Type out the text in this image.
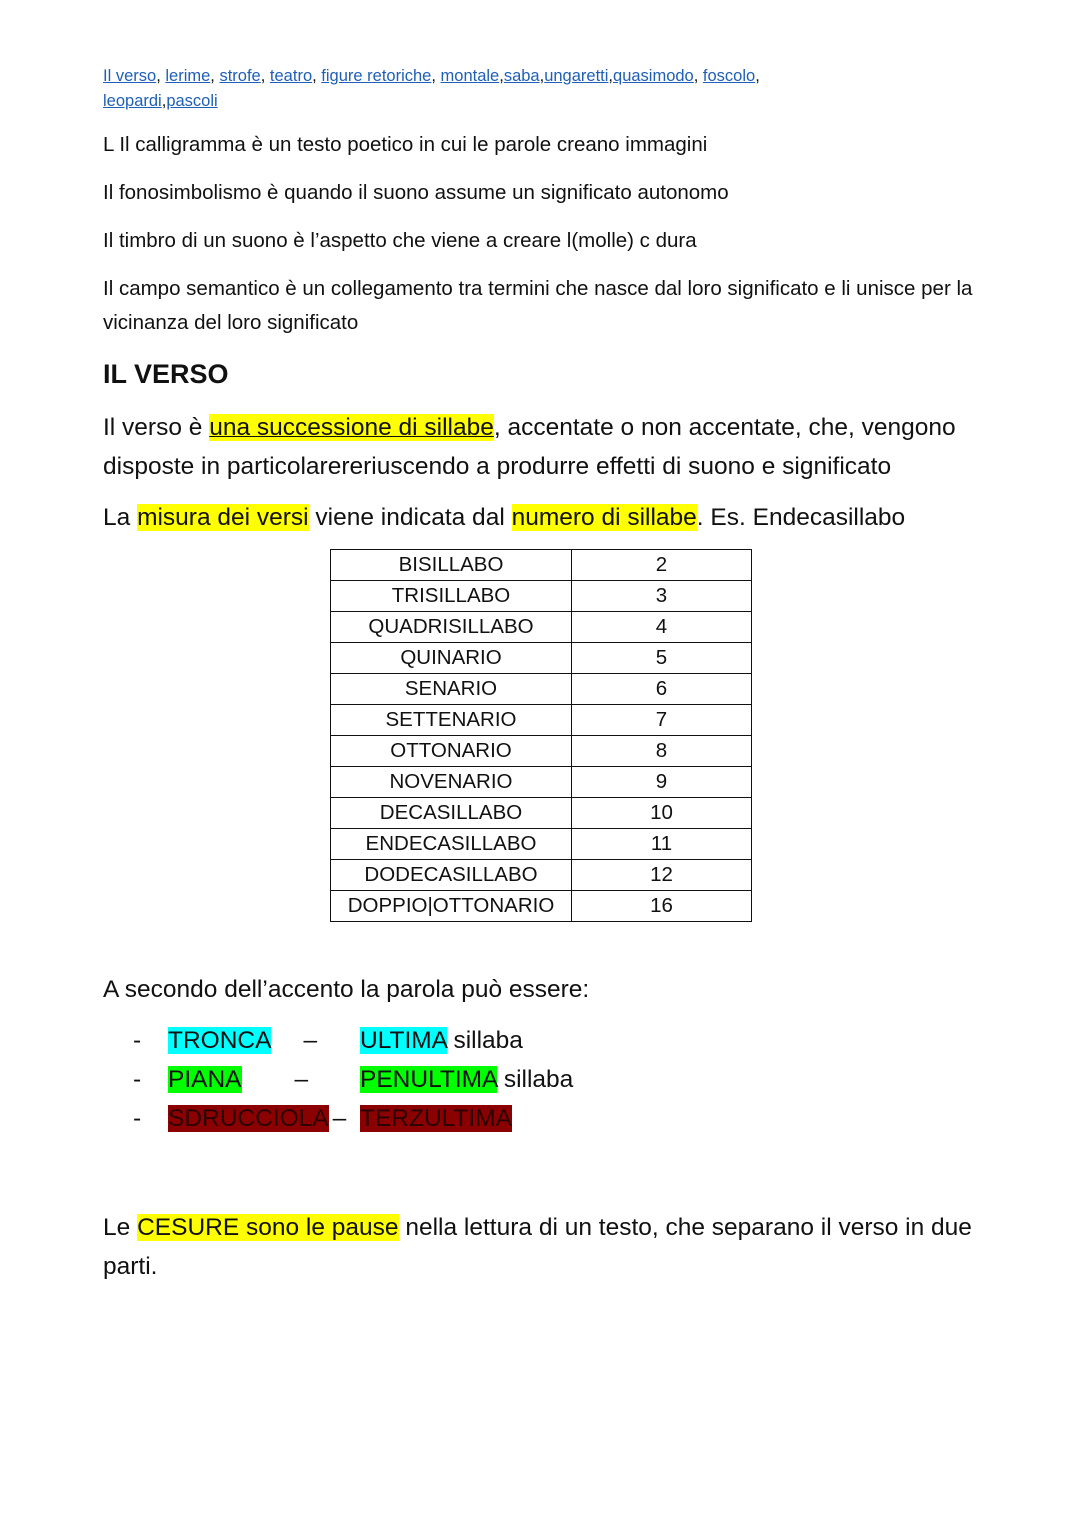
Il verso, lerime, strofe, teatro, figure retoriche, montale,saba,ungaretti,quasimodo, foscolo,
leopardi,pascoli

L Il calligramma è un testo poetico in cui le parole creano immagini

Il fonosimbolismo è quando il suono assume un significato autonomo

Il timbro di un suono è l’aspetto che viene a creare l(molle) c dura

Il campo semantico è un collegamento tra termini che nasce dal loro significato e li unisce per la vicinanza del loro significato

IL VERSO

Il verso è una successione di sillabe, accentate o non accentate, che, vengono disposte in particolarereriuscendo a produrre effetti di suono e significato

La misura dei versi viene indicata dal numero di sillabe. Es. Endecasillabo

BISILLABO	2
TRISILLABO	3
QUADRISILLABO	4
QUINARIO	5
SENARIO	6
SETTENARIO	7
OTTONARIO	8
NOVENARIO	9
DECASILLABO	10
ENDECASILLABO	11
DODECASILLABO	12
DOPPIO|OTTONARIO	16

A secondo dell’accento la parola può essere:

-	TRONCA –	ULTIMA sillaba
-	PIANA –	PENULTIMA sillaba
-	SDRUCCIOLA – TERZULTIMA

Le CESURE sono le pause nella lettura di un testo, che separano il verso in due parti.
